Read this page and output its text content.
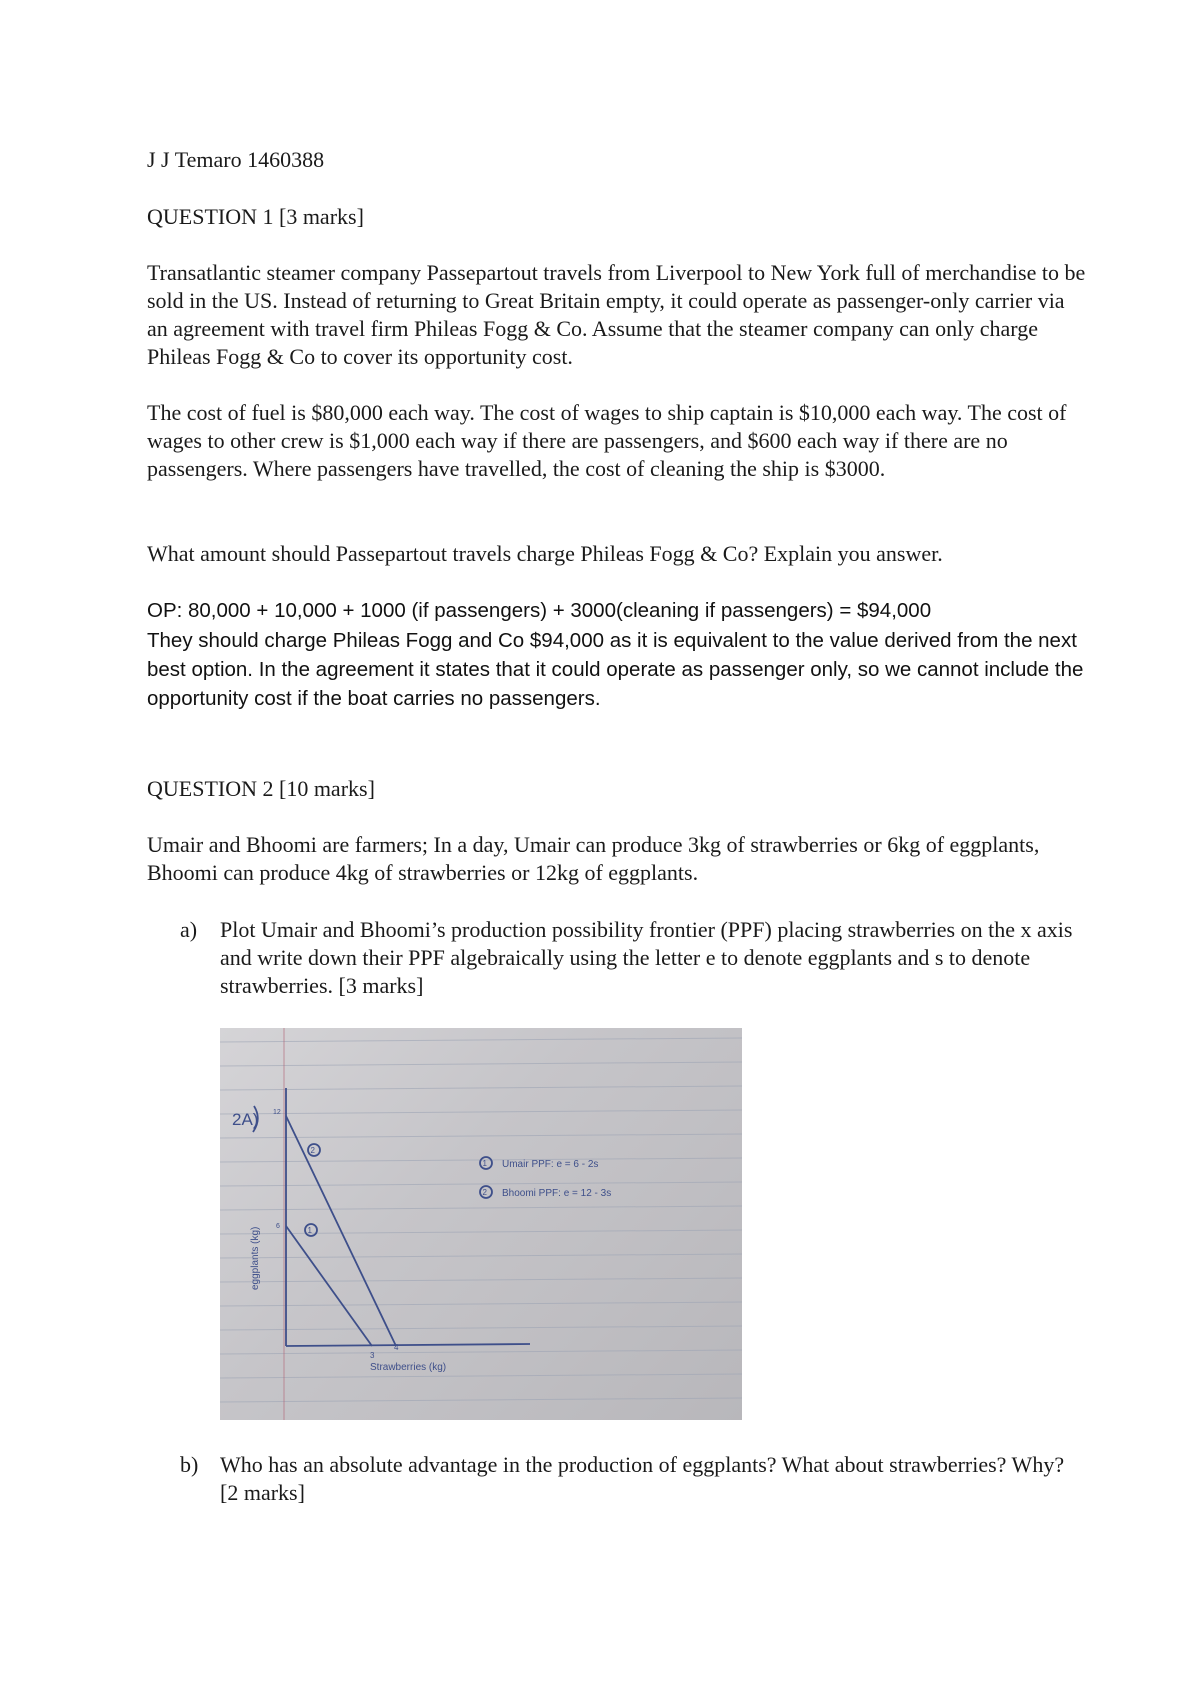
J J Temaro 1460388

QUESTION 1 [3 marks]

Transatlantic steamer company Passepartout travels from Liverpool to New York full of merchandise to be sold in the US. Instead of returning to Great Britain empty, it could operate as passenger-only carrier via an agreement with travel firm Phileas Fogg & Co. Assume that the steamer company can only charge Phileas Fogg & Co to cover its opportunity cost.

The cost of fuel is $80,000 each way. The cost of wages to ship captain is $10,000 each way. The cost of wages to other crew is $1,000 each way if there are passengers, and $600 each way if there are no passengers. Where passengers have travelled, the cost of cleaning the ship is $3000.

What amount should Passepartout travels charge Phileas Fogg & Co? Explain you answer.

OP: 80,000 + 10,000 + 1000 (if passengers) + 3000(cleaning if passengers) = $94,000

They should charge Phileas Fogg and Co $94,000 as it is equivalent to the value derived from the next best option. In the agreement it states that it could operate as passenger only, so we cannot include the opportunity cost if the boat carries no passengers.

QUESTION 2 [10 marks]

Umair and Bhoomi are farmers; In a day, Umair can produce 3kg of strawberries or 6kg of eggplants, Bhoomi can produce 4kg of strawberries or 12kg of eggplants.

a) Plot Umair and Bhoomi’s production possibility frontier (PPF) placing strawberries on the x axis and write down their PPF algebraically using the letter e to denote eggplants and s to denote strawberries. [3 marks]

2A) 12
6
2
1
3
4
Strawberries (kg)
eggplants (kg)
1
2
Umair PPF: e = 6 - 2s
Bhoomi PPF: e = 12 - 3s
b) Who has an absolute advantage in the production of eggplants? What about strawberries? Why? [2 marks]
